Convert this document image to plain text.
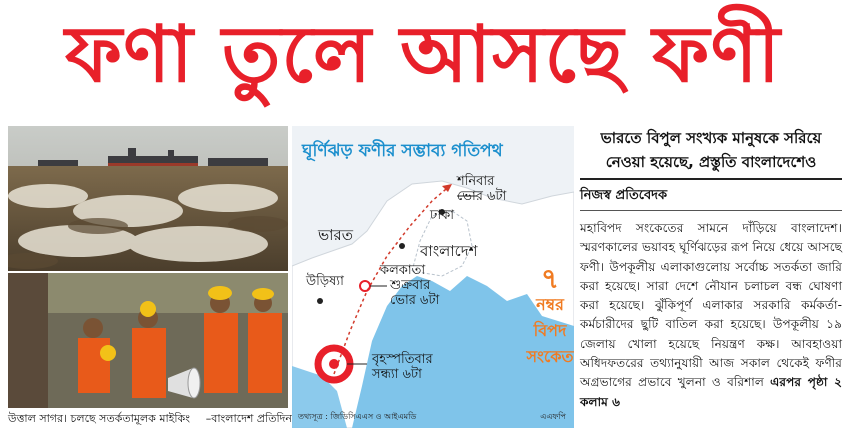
ফণা তুলে আসছে ফণী
উত্তাল সাগর। চলছে সতর্কতামূলক মাইকিং –বাংলাদেশ প্রতিদিন
ঘূর্ণিঝড় ফণীর সম্ভাব্য গতিপথ
শনিবার
ভোর ৬টা
ঢাকা
ভারত
বাংলাদেশ
কলকাতা
উড়িষ্যা	শুক্রবার
ভোর ৬টা
বৃহস্পতিবার
সন্ধ্যা ৬টা
৭
নম্বর
বিপদ
সংকেত
তথ্যসূত্র : জিডিসিএএস ও আইএমডি	এএফপি
ভারতে বিপুল সংখ্যক মানুষকে সরিয়ে নেওয়া হয়েছে, প্রস্তুতি বাংলাদেশেও
নিজস্ব প্রতিবেদক
মহাবিপদ সংকেতের সামনে দাঁড়িয়ে বাংলাদেশ। স্মরণকালের ভয়াবহ ঘূর্ণিঝড়ের রূপ নিয়ে ধেয়ে আসছে ফণী। উপকূলীয় এলাকাগুলোয় সর্বোচ্চ সতর্কতা জারি করা হয়েছে। সারা দেশে নৌযান চলাচল বন্ধ ঘোষণা করা হয়েছে। ঝুঁকিপূর্ণ এলাকার সরকারি কর্মকর্তা-কর্মচারীদের ছুটি বাতিল করা হয়েছে। উপকূলীয় ১৯ জেলায় খোলা হয়েছে নিয়ন্ত্রণ কক্ষ। আবহাওয়া অধিদফতরের তথ্যানুযায়ী আজ সকাল থেকেই ফণীর অগ্রভাগের প্রভাবে খুলনা ও বরিশাল এরপর পৃষ্ঠা ২ কলাম ৬
